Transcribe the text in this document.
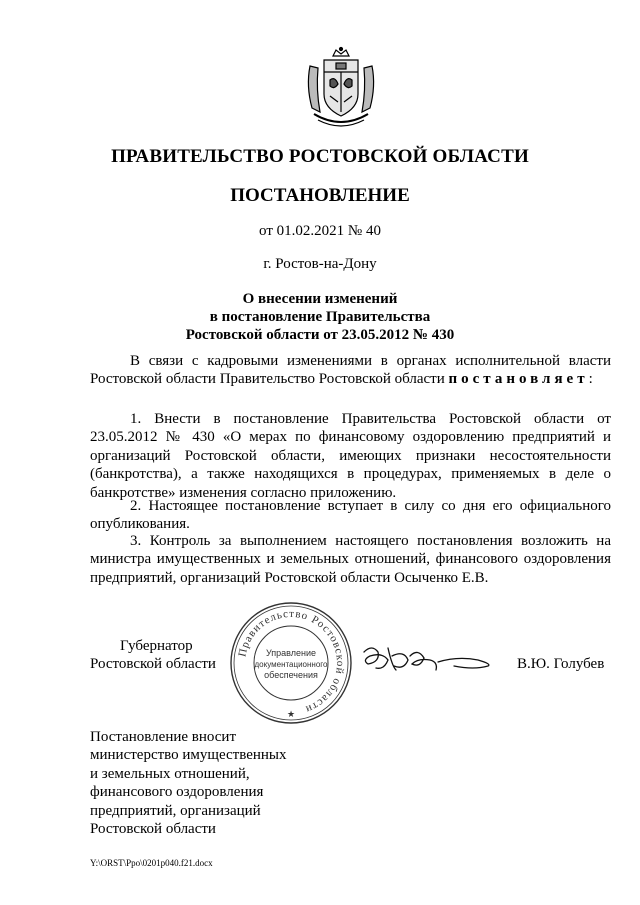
ПРАВИТЕЛЬСТВО РОСТОВСКОЙ ОБЛАСТИ
ПОСТАНОВЛЕНИЕ
от 01.02.2021 № 40
г. Ростов-на-Дону
О внесении изменений
в постановление Правительства
Ростовской области от 23.05.2012 № 430
В связи с кадровыми изменениями в органах исполнительной власти Ростовской области Правительство Ростовской области постановляет:
1. Внести в постановление Правительства Ростовской области от 23.05.2012 № 430 «О мерах по финансовому оздоровлению предприятий и организаций Ростовской области, имеющих признаки несостоятельности (банкротства), а также находящихся в процедурах, применяемых в деле о банкротстве» изменения согласно приложению.
2. Настоящее постановление вступает в силу со дня его официального опубликования.
3. Контроль за выполнением настоящего постановления возложить на министра имущественных и земельных отношений, финансового оздоровления предприятий, организаций Ростовской области Осыченко Е.В.
Губернатор
Ростовской области	В.Ю. Голубев
Правительство Ростовской области
Управление
документационного
обеспечения
★
Постановление вносит
министерство имущественных
и земельных отношений,
финансового оздоровления
предприятий, организаций
Ростовской области
Y:\ORST\Ppo\0201p040.f21.docx
